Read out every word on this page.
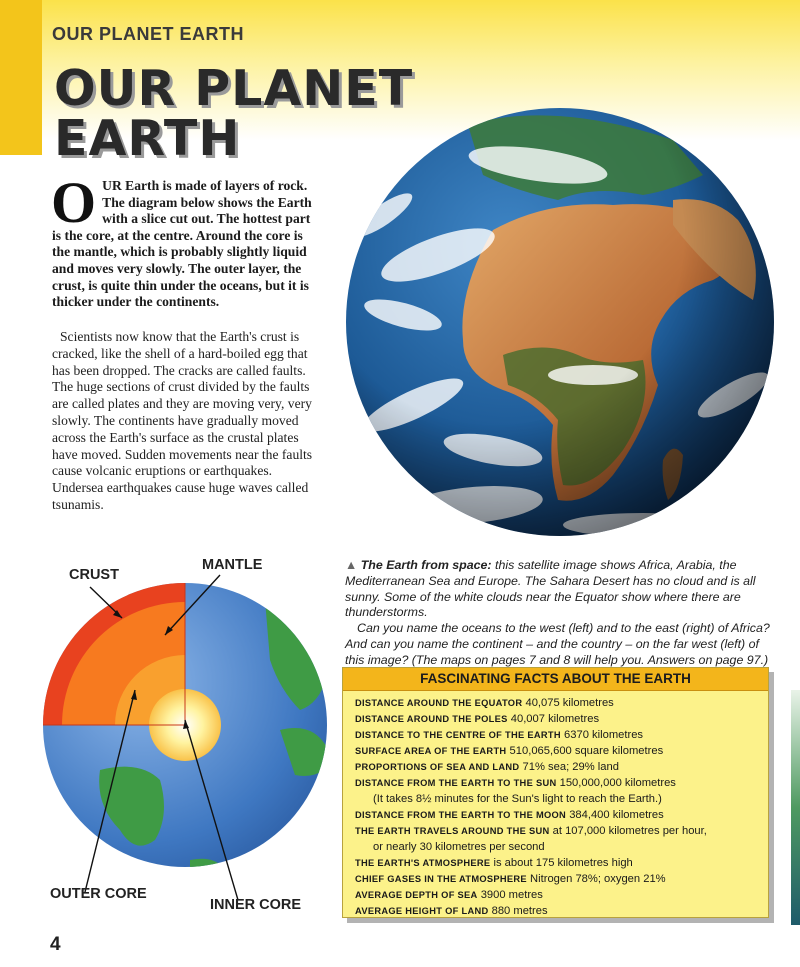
OUR PLANET EARTH
OUR PLANET
EARTH
OUR Earth is made of layers of rock. The diagram below shows the Earth with a slice cut out. The hottest part is the core, at the centre. Around the core is the mantle, which is probably slightly liquid and moves very slowly. The outer layer, the crust, is quite thin under the oceans, but it is thicker under the continents.
Scientists now know that the Earth's crust is cracked, like the shell of a hard-boiled egg that has been dropped. The cracks are called faults. The huge sections of crust divided by the faults are called plates and they are moving very, very slowly. The continents have gradually moved across the Earth's surface as the crustal plates have moved. Sudden movements near the faults cause volcanic eruptions or earthquakes. Undersea earthquakes cause huge waves called tsunamis.
▲ The Earth from space: this satellite image shows Africa, Arabia, the Mediterranean Sea and Europe. The Sahara Desert has no cloud and is all sunny. Some of the white clouds near the Equator show where there are thunderstorms.
Can you name the oceans to the west (left) and to the east (right) of Africa? And can you name the continent – and the country – on the far west (left) of this image? (The maps on pages 7 and 8 will help you. Answers on page 97.)
CRUST
MANTLE
OUTER CORE
INNER CORE
FASCINATING FACTS ABOUT THE EARTH
DISTANCE AROUND THE EQUATOR 40,075 kilometres
DISTANCE AROUND THE POLES 40,007 kilometres
DISTANCE TO THE CENTRE OF THE EARTH 6370 kilometres
SURFACE AREA OF THE EARTH 510,065,600 square kilometres
PROPORTIONS OF SEA AND LAND 71% sea; 29% land
DISTANCE FROM THE EARTH TO THE SUN 150,000,000 kilometres
(It takes 8½ minutes for the Sun's light to reach the Earth.)
DISTANCE FROM THE EARTH TO THE MOON 384,400 kilometres
THE EARTH TRAVELS AROUND THE SUN at 107,000 kilometres per hour,
or nearly 30 kilometres per second
THE EARTH'S ATMOSPHERE is about 175 kilometres high
CHIEF GASES IN THE ATMOSPHERE Nitrogen 78%; oxygen 21%
AVERAGE DEPTH OF SEA 3900 metres
AVERAGE HEIGHT OF LAND 880 metres
4
